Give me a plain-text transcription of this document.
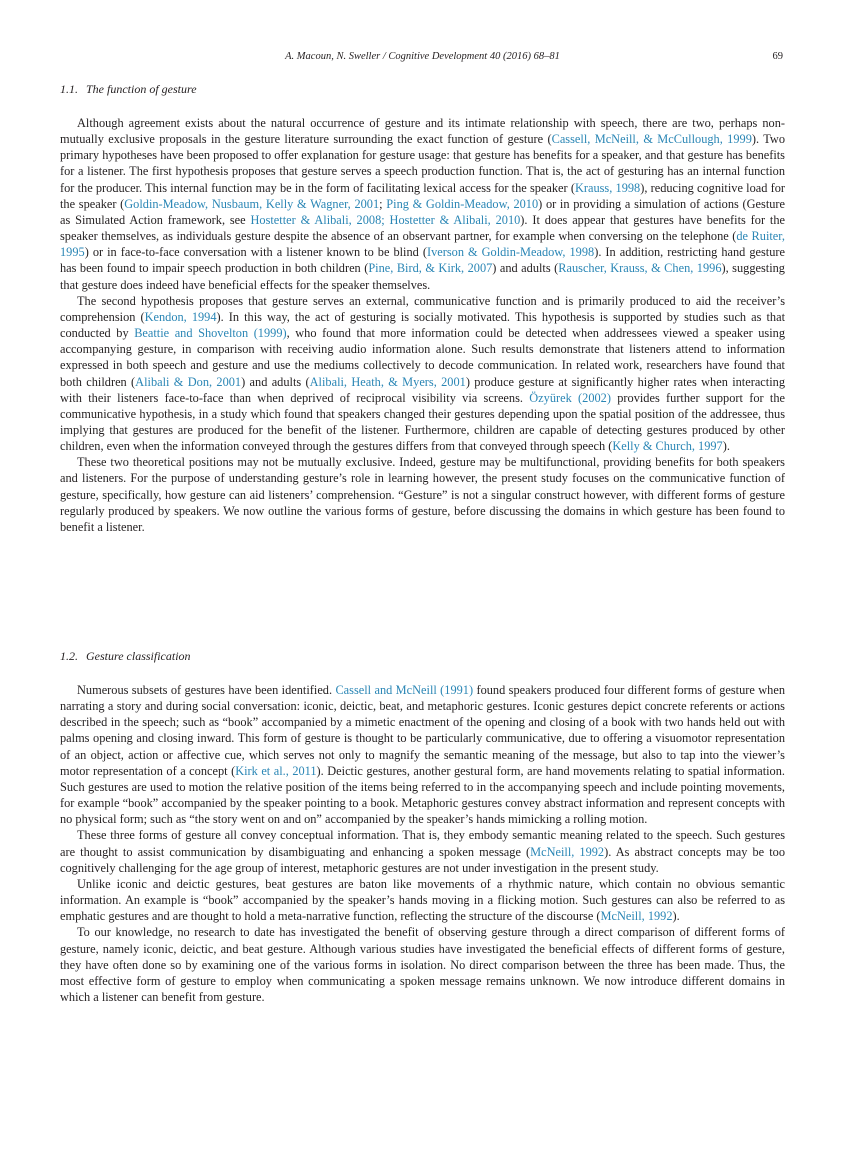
A. Macoun, N. Sweller / Cognitive Development 40 (2016) 68–81	69
1.1. The function of gesture

Although agreement exists about the natural occurrence of gesture and its intimate relationship with speech, there are two, perhaps non-mutually exclusive proposals in the gesture literature surrounding the exact function of gesture (Cassell, McNeill, & McCullough, 1999). Two primary hypotheses have been proposed to offer explanation for gesture usage: that gesture has benefits for a speaker, and that gesture has benefits for a listener. The first hypothesis proposes that gesture serves a speech production function. That is, the act of gesturing has an internal function for the producer. This internal function may be in the form of facilitating lexical access for the speaker (Krauss, 1998), reducing cognitive load for the speaker (Goldin-Meadow, Nusbaum, Kelly & Wagner, 2001; Ping & Goldin-Meadow, 2010) or in providing a simulation of actions (Gesture as Simulated Action framework, see Hostetter & Alibali, 2008; Hostetter & Alibali, 2010). It does appear that gestures have benefits for the speaker themselves, as individuals gesture despite the absence of an observant partner, for example when conversing on the telephone (de Ruiter, 1995) or in face-to-face conversation with a listener known to be blind (Iverson & Goldin-Meadow, 1998). In addition, restricting hand gesture has been found to impair speech production in both children (Pine, Bird, & Kirk, 2007) and adults (Rauscher, Krauss, & Chen, 1996), suggesting that gesture does indeed have beneficial effects for the speaker themselves.

The second hypothesis proposes that gesture serves an external, communicative function and is primarily produced to aid the receiver’s comprehension (Kendon, 1994). In this way, the act of gesturing is socially motivated. This hypothesis is supported by studies such as that conducted by Beattie and Shovelton (1999), who found that more information could be detected when addressees viewed a speaker using accompanying gesture, in comparison with receiving audio information alone. Such results demonstrate that listeners attend to information expressed in both speech and gesture and use the mediums collectively to decode communication. In related work, researchers have found that both children (Alibali & Don, 2001) and adults (Alibali, Heath, & Myers, 2001) produce gesture at significantly higher rates when interacting with their listeners face-to-face than when deprived of reciprocal visibility via screens. Özyürek (2002) provides further support for the communicative hypothesis, in a study which found that speakers changed their gestures depending upon the spatial position of the addressee, thus implying that gestures are produced for the benefit of the listener. Furthermore, children are capable of detecting gestures produced by other children, even when the information conveyed through the gestures differs from that conveyed through speech (Kelly & Church, 1997).

These two theoretical positions may not be mutually exclusive. Indeed, gesture may be multifunctional, providing benefits for both speakers and listeners. For the purpose of understanding gesture’s role in learning however, the present study focuses on the communicative function of gesture, specifically, how gesture can aid listeners’ comprehension. “Gesture” is not a singular construct however, with different forms of gesture regularly produced by speakers. We now outline the various forms of gesture, before discussing the domains in which gesture has been found to benefit a listener.

1.2. Gesture classification

Numerous subsets of gestures have been identified. Cassell and McNeill (1991) found speakers produced four different forms of gesture when narrating a story and during social conversation: iconic, deictic, beat, and metaphoric gestures. Iconic gestures depict concrete referents or actions described in the speech; such as “book” accompanied by a mimetic enactment of the opening and closing of a book with two hands held out with palms opening and closing inward. This form of gesture is thought to be particularly communicative, due to offering a visuomotor representation of an object, action or affective cue, which serves not only to magnify the semantic meaning of the message, but also to tap into the viewer’s motor representation of a concept (Kirk et al., 2011). Deictic gestures, another gestural form, are hand movements relating to spatial information. Such gestures are used to motion the relative position of the items being referred to in the accompanying speech and include pointing movements, for example “book” accompanied by the speaker pointing to a book. Metaphoric gestures convey abstract information and represent concepts with no physical form; such as “the story went on and on” accompanied by the speaker’s hands mimicking a rolling motion.

These three forms of gesture all convey conceptual information. That is, they embody semantic meaning related to the speech. Such gestures are thought to assist communication by disambiguating and enhancing a spoken message (McNeill, 1992). As abstract concepts may be too cognitively challenging for the age group of interest, metaphoric gestures are not under investigation in the present study.

Unlike iconic and deictic gestures, beat gestures are baton like movements of a rhythmic nature, which contain no obvious semantic information. An example is “book” accompanied by the speaker’s hands moving in a flicking motion. Such gestures can also be referred to as emphatic gestures and are thought to hold a meta-narrative function, reflecting the structure of the discourse (McNeill, 1992).

To our knowledge, no research to date has investigated the benefit of observing gesture through a direct comparison of different forms of gesture, namely iconic, deictic, and beat gesture. Although various studies have investigated the beneficial effects of different forms of gesture, they have often done so by examining one of the various forms in isolation. No direct comparison between the three has been made. Thus, the most effective form of gesture to employ when communicating a spoken message remains unknown. We now introduce different domains in which a listener can benefit from gesture.
